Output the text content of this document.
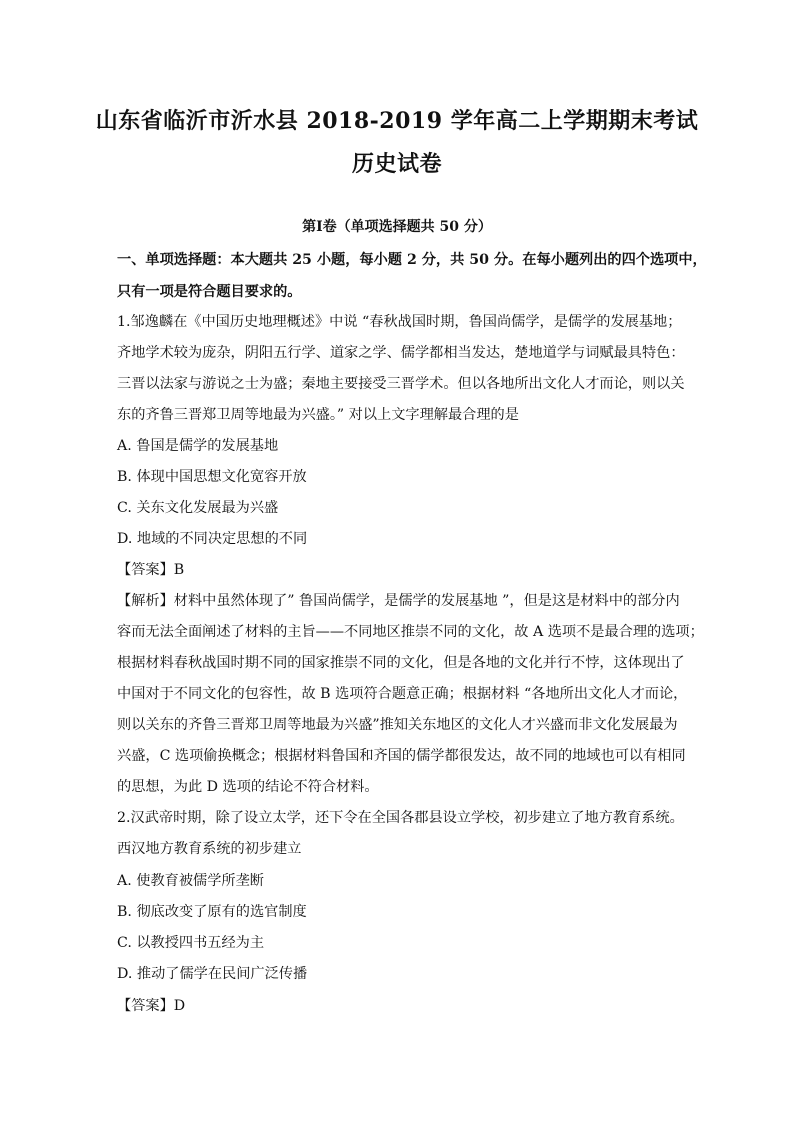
山东省临沂市沂水县 2018-2019 学年高二上学期期末考试
历史试卷
第Ⅰ卷（单项选择题共 50 分）
一、单项选择题：本大题共 25 小题，每小题 2 分，共 50 分。在每小题列出的四个选项中，
只有一项是符合题目要求的。
1.邹逸麟在《中国历史地理概述》中说 “春秋战国时期，鲁国尚儒学，是儒学的发展基地；
齐地学术较为庞杂，阴阳五行学、道家之学、儒学都相当发达，楚地道学与词赋最具特色：
三晋以法家与游说之士为盛；秦地主要接受三晋学术。但以各地所出文化人才而论，则以关
东的齐鲁三晋郑卫周等地最为兴盛。” 对以上文字理解最合理的是
A. 鲁国是儒学的发展基地
B. 体现中国思想文化宽容开放
C. 关东文化发展最为兴盛
D. 地域的不同决定思想的不同
【答案】B
【解析】材料中虽然体现了” 鲁国尚儒学，是儒学的发展基地 ”，但是这是材料中的部分内
容而无法全面阐述了材料的主旨——不同地区推崇不同的文化，故 A 选项不是最合理的选项；
根据材料春秋战国时期不同的国家推崇不同的文化，但是各地的文化并行不悖，这体现出了
中国对于不同文化的包容性，故 B 选项符合题意正确；根据材料 “各地所出文化人才而论，
则以关东的齐鲁三晋郑卫周等地最为兴盛”推知关东地区的文化人才兴盛而非文化发展最为
兴盛，C 选项偷换概念；根据材料鲁国和齐国的儒学都很发达，故不同的地域也可以有相同
的思想，为此 D 选项的结论不符合材料。
2.汉武帝时期，除了设立太学，还下令在全国各郡县设立学校，初步建立了地方教育系统。
西汉地方教育系统的初步建立
A. 使教育被儒学所垄断
B. 彻底改变了原有的选官制度
C. 以教授四书五经为主
D. 推动了儒学在民间广泛传播
【答案】D
